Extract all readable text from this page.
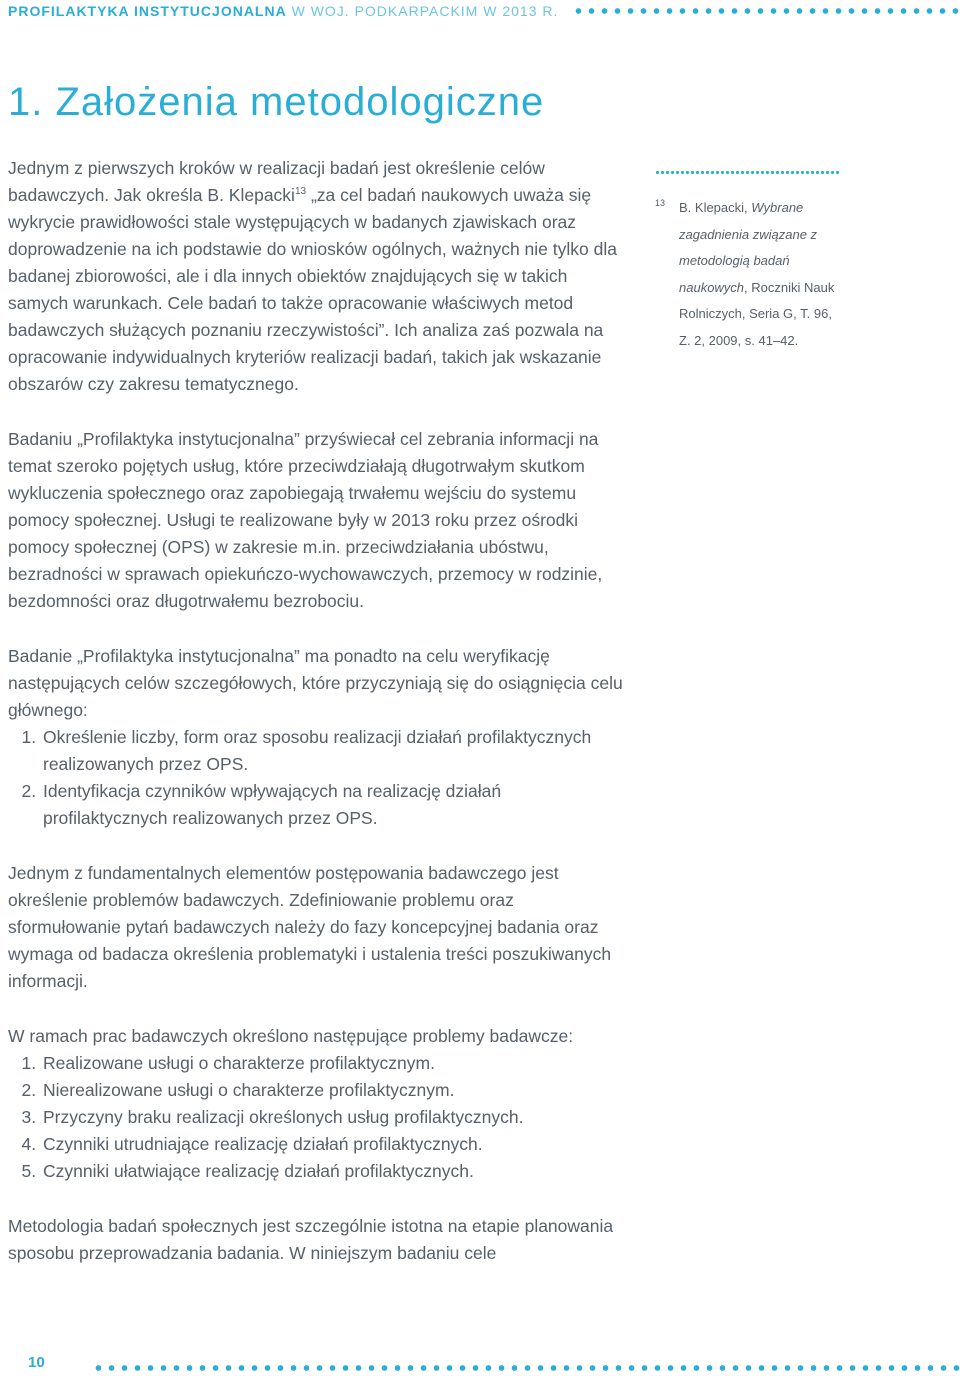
PROFILAKTYKA INSTYTUCJONALNA W WOJ. PODKARPACKIM W 2013 R.
1. Założenia metodologiczne

Jednym z pierwszych kroków w realizacji badań jest określenie celów badawczych. Jak określa B. Klepacki$^{13}$ „za cel badań naukowych uważa się wykrycie prawidłowości stale występujących w badanych zjawiskach oraz doprowadzenie na ich podstawie do wniosków ogólnych, ważnych nie tylko dla badanej zbiorowości, ale i dla innych obiektów znajdujących się w takich samych warunkach. Cele badań to także opracowanie właściwych metod badawczych służących poznaniu rzeczywistości”. Ich analiza zaś pozwala na opracowanie indywidualnych kryteriów realizacji badań, takich jak wskazanie obszarów czy zakresu tematycznego.

Badaniu „Profilaktyka instytucjonalna” przyświecał cel zebrania informacji na temat szeroko pojętych usług, które przeciwdziałają długotrwałym skutkom wykluczenia społecznego oraz zapobiegają trwałemu wejściu do systemu pomocy społecznej. Usługi te realizowane były w 2013 roku przez ośrodki pomocy społecznej (OPS) w zakresie m.in. przeciwdziałania ubóstwu, bezradności w sprawach opiekuńczo-wychowawczych, przemocy w rodzinie, bezdomności oraz długotrwałemu bezrobociu.

Badanie „Profilaktyka instytucjonalna” ma ponadto na celu weryfikację następujących celów szczegółowych, które przyczyniają się do osiągnięcia celu głównego:

1. Określenie liczby, form oraz sposobu realizacji działań profilaktycznych realizowanych przez OPS.
2. Identyfikacja czynników wpływających na realizację działań profilaktycznych realizowanych przez OPS.

Jednym z fundamentalnych elementów postępowania badawczego jest określenie problemów badawczych. Zdefiniowanie problemu oraz sformułowanie pytań badawczych należy do fazy koncepcyjnej badania oraz wymaga od badacza określenia problematyki i ustalenia treści poszukiwanych informacji.

W ramach prac badawczych określono następujące problemy badawcze:

1. Realizowane usługi o charakterze profilaktycznym.
2. Nierealizowane usługi o charakterze profilaktycznym.
3. Przyczyny braku realizacji określonych usług profilaktycznych.
4. Czynniki utrudniające realizację działań profilaktycznych.
5. Czynniki ułatwiające realizację działań profilaktycznych.

Metodologia badań społecznych jest szczególnie istotna na etapie planowania sposobu przeprowadzania badania. W niniejszym badaniu cele

13 B. Klepacki, Wybrane zagadnienia związane z metodologią badań naukowych, Roczniki Nauk Rolniczych, Seria G, T. 96, Z. 2, 2009, s. 41–42.
10
